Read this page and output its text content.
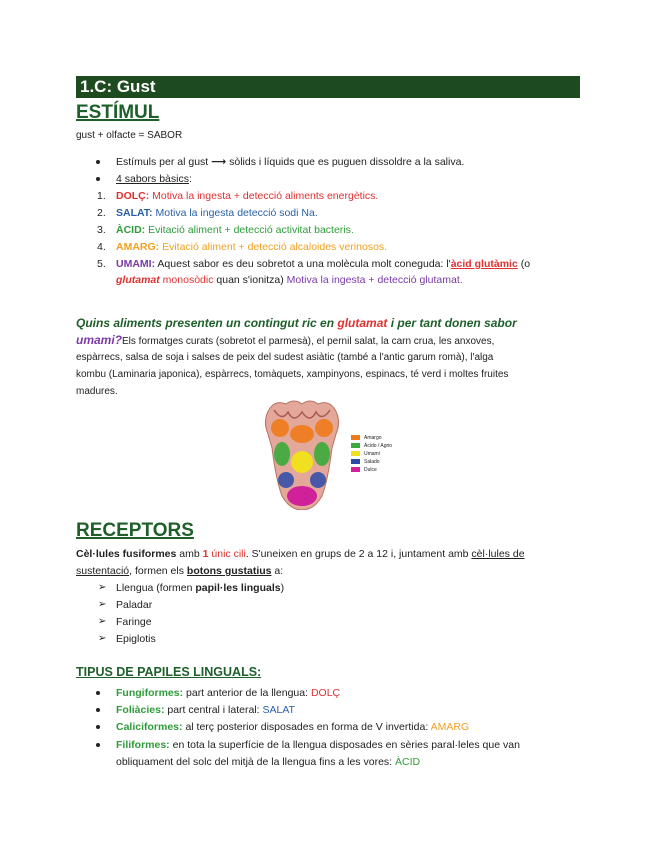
1.C: Gust
ESTÍMUL
gust + olfacte = SABOR
Estímuls per al gust ⟶ sòlids i líquids que es puguen dissoldre a la saliva.
4 sabors bàsics:
1. DOLÇ: Motiva la ingesta + detecció aliments energètics.
2. SALAT: Motiva la ingesta detecció sodi Na.
3. ÀCID: Evitació aliment + detecció activitat bacteris.
4. AMARG: Evitació aliment + detecció alcaloides verinosos.
5. UMAMI: Aquest sabor es deu sobretot a una molècula molt coneguda: l'àcid glutàmic (o
glutamat monosòdic quan s'ionitza) Motiva la ingesta + detecció glutamat.
Quins aliments presenten un contingut ric en glutamat i per tant donen sabor
umami?Els formatges curats (sobretot el parmesà), el pernil salat, la carn crua, les anxoves,
espàrrecs, salsa de soja i salses de peix del sudest asiàtic (també a l'antic garum romà), l'alga
kombu (Laminaria japonica), espàrrecs, tomàquets, xampinyons, espinacs, té verd i moltes fruites
madures.
Amargo
Ácido / Agrio
Umami
Salado
Dulce
RECEPTORS
Cèl·lules fusiformes amb 1 únic cili. S'uneixen en grups de 2 a 12 i, juntament amb cèl·lules de
sustentació, formen els botons gustatius a:
➢ Llengua (formen papil·les linguals)
➢ Paladar
➢ Faringe
➢ Epiglotis
TIPUS DE PAPILES LINGUALS:
Fungiformes: part anterior de la llengua: DOLÇ
Foliàcies: part central i lateral: SALAT
Caliciformes: al terç posterior disposades en forma de V invertida: AMARG
Filiformes: en tota la superfície de la llengua disposades en sèries paral·leles que van
obliquament del solc del mitjà de la llengua fins a les vores: ÀCID
